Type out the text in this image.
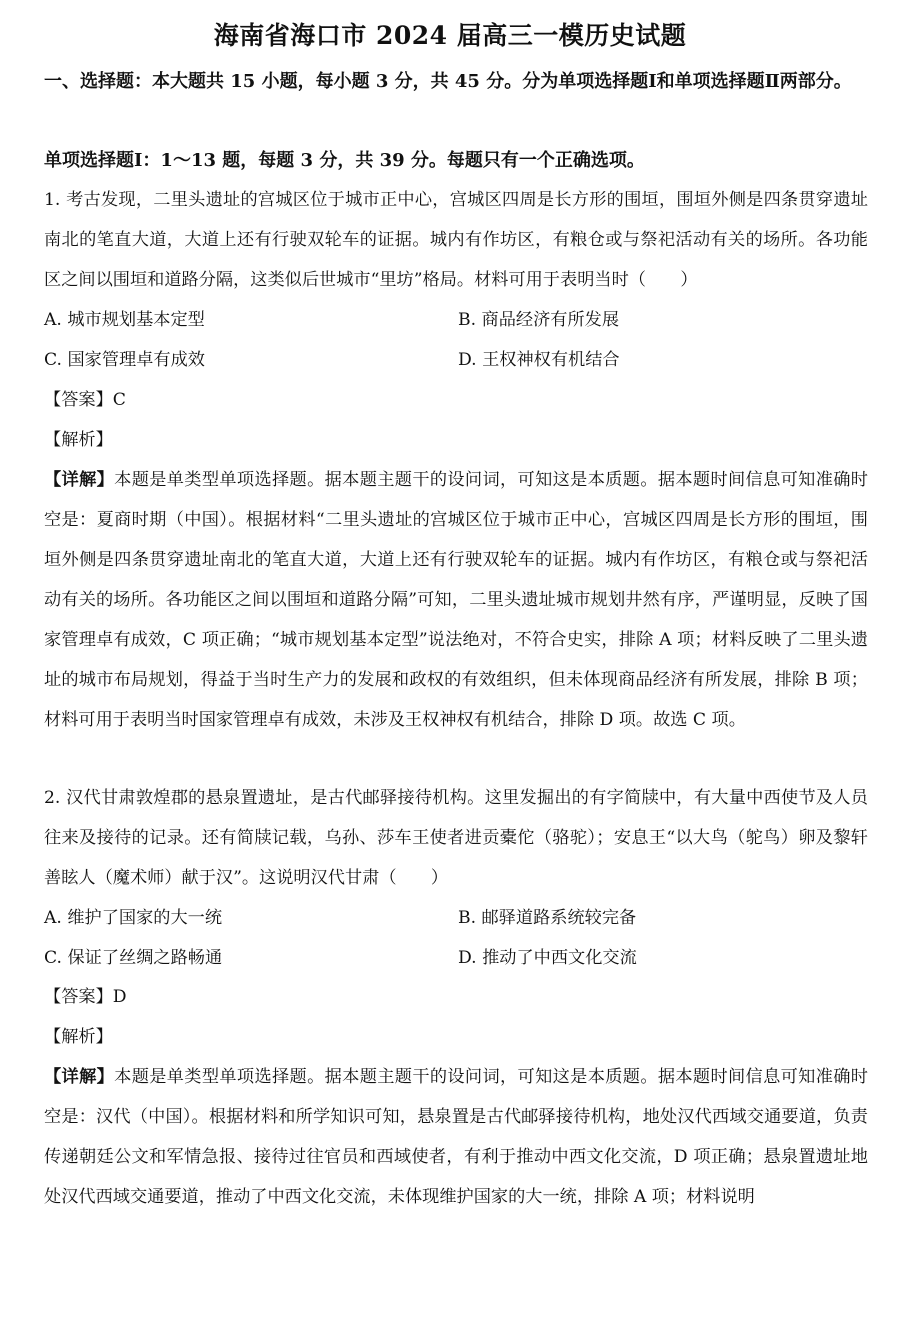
海南省海口市 2024 届高三一模历史试题
一、选择题：本大题共 15 小题，每小题 3 分，共 45 分。分为单项选择题Ⅰ和单项选择题Ⅱ两部分。
单项选择题Ⅰ：1～13 题，每题 3 分，共 39 分。每题只有一个正确选项。
1. 考古发现，二里头遗址的宫城区位于城市正中心，宫城区四周是长方形的围垣，围垣外侧是四条贯穿遗址南北的笔直大道，大道上还有行驶双轮车的证据。城内有作坊区，有粮仓或与祭祀活动有关的场所。各功能区之间以围垣和道路分隔，这类似后世城市“里坊”格局。材料可用于表明当时（　　）
A. 城市规划基本定型	B. 商品经济有所发展
C. 国家管理卓有成效	D. 王权神权有机结合
【答案】C
【解析】
【详解】本题是单类型单项选择题。据本题主题干的设问词，可知这是本质题。据本题时间信息可知准确时空是：夏商时期（中国）。根据材料“二里头遗址的宫城区位于城市正中心，宫城区四周是长方形的围垣，围垣外侧是四条贯穿遗址南北的笔直大道，大道上还有行驶双轮车的证据。城内有作坊区，有粮仓或与祭祀活动有关的场所。各功能区之间以围垣和道路分隔”可知，二里头遗址城市规划井然有序，严谨明显，反映了国家管理卓有成效，C 项正确；“城市规划基本定型”说法绝对，不符合史实，排除 A 项；材料反映了二里头遗址的城市布局规划，得益于当时生产力的发展和政权的有效组织，但未体现商品经济有所发展，排除 B 项；材料可用于表明当时国家管理卓有成效，未涉及王权神权有机结合，排除 D 项。故选 C 项。
2. 汉代甘肃敦煌郡的悬泉置遗址，是古代邮驿接待机构。这里发掘出的有字简牍中，有大量中西使节及人员往来及接待的记录。还有简牍记载，乌孙、莎车王使者进贡橐佗（骆驼）；安息王“以大鸟（鸵鸟）卵及黎轩善眩人（魔术师）献于汉”。这说明汉代甘肃（　　）
A. 维护了国家的大一统	B. 邮驿道路系统较完备
C. 保证了丝绸之路畅通	D. 推动了中西文化交流
【答案】D
【解析】
【详解】本题是单类型单项选择题。据本题主题干的设问词，可知这是本质题。据本题时间信息可知准确时空是：汉代（中国）。根据材料和所学知识可知，悬泉置是古代邮驿接待机构，地处汉代西域交通要道，负责传递朝廷公文和军情急报、接待过往官员和西域使者，有利于推动中西文化交流，D 项正确；悬泉置遗址地处汉代西域交通要道，推动了中西文化交流，未体现维护国家的大一统，排除 A 项；材料说明
